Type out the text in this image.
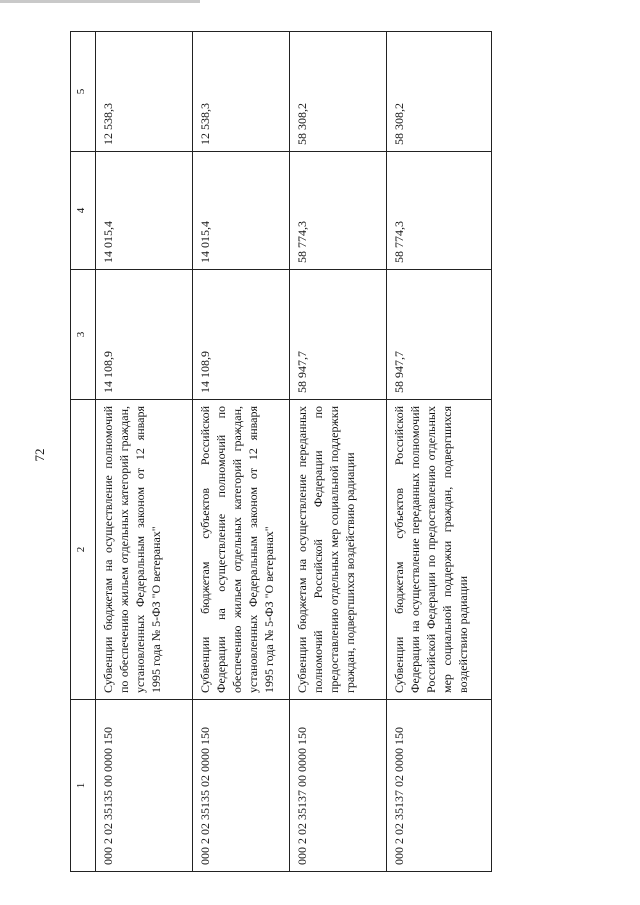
72
1	2	3	4	5
000 2 02 35135 00 0000 150	Субвенции бюджетам на осуществление полномочий по обеспечению жильем отдельных категорий граждан, установленных Федеральным законом от 12 января 1995 года № 5-ФЗ "О ветеранах"	14 108,9	14 015,4	12 538,3
000 2 02 35135 02 0000 150	Субвенции бюджетам субъектов Российской Федерации на осуществление полномочий по обеспечению жильем отдельных категорий граждан, установленных Федеральным законом от 12 января 1995 года № 5-ФЗ "О ветеранах"	14 108,9	14 015,4	12 538,3
000 2 02 35137 00 0000 150	Субвенции бюджетам на осуществление переданных полномочий Российской Федерации по предоставлению отдельных мер социальной поддержки граждан, подвергшихся воздействию радиации	58 947,7	58 774,3	58 308,2
000 2 02 35137 02 0000 150	Субвенции бюджетам субъектов Российской Федерации на осуществление переданных полномочий Российской Федерации по предоставлению отдельных мер социальной поддержки граждан, подвергшихся воздействию радиации	58 947,7	58 774,3	58 308,2
